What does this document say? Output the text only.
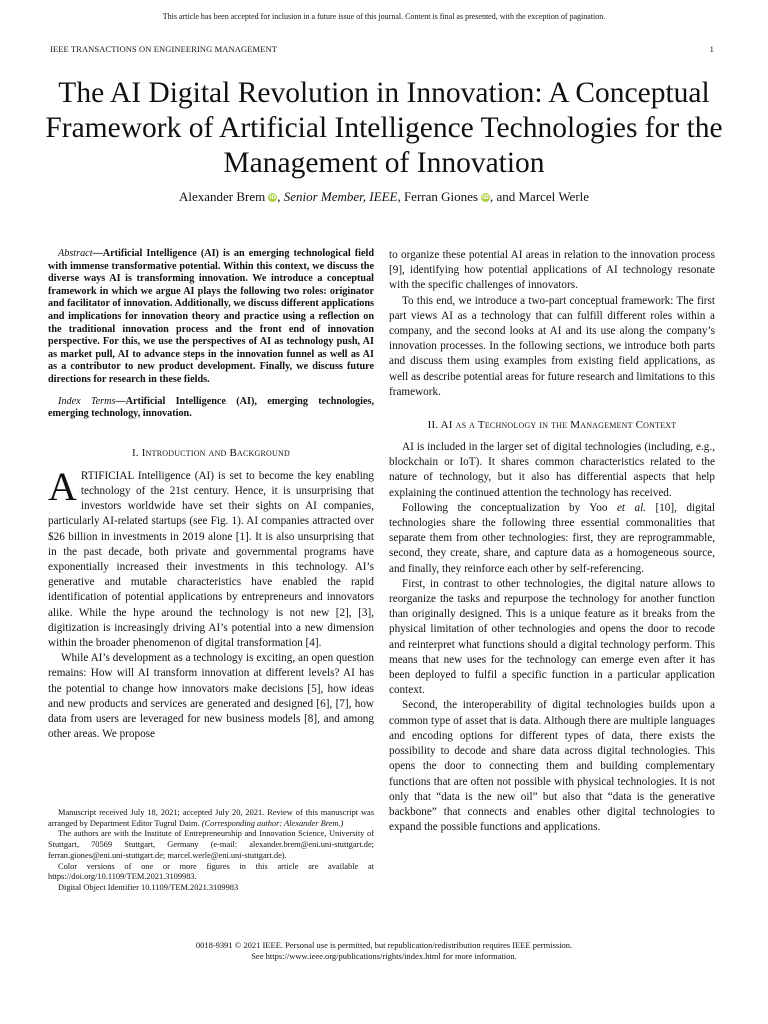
This article has been accepted for inclusion in a future issue of this journal. Content is final as presented, with the exception of pagination.
IEEE TRANSACTIONS ON ENGINEERING MANAGEMENT	1
The AI Digital Revolution in Innovation: A Conceptual Framework of Artificial Intelligence Technologies for the Management of Innovation
Alexander Brem iD, Senior Member, IEEE, Ferran Giones iD, and Marcel Werle

Abstract—Artificial Intelligence (AI) is an emerging technological field with immense transformative potential. Within this context, we discuss the diverse ways AI is transforming innovation. We introduce a conceptual framework in which we argue AI plays the following two roles: originator and facilitator of innovation. Additionally, we discuss different applications and implications for innovation theory and practice using a reflection on the traditional innovation process and the front end of innovation perspective. For this, we use the perspectives of AI as technology push, AI as market pull, AI to advance steps in the innovation funnel as well as AI as a contributor to new product development. Finally, we discuss future directions for research in these fields.

Index Terms—Artificial Intelligence (AI), emerging technologies, emerging technology, innovation.

I. Introduction and Background

ARTIFICIAL Intelligence (AI) is set to become the key enabling technology of the 21st century. Hence, it is unsurprising that investors worldwide have set their sights on AI companies, particularly AI-related startups (see Fig. 1). AI companies attracted over $26 billion in investments in 2019 alone [1]. It is also unsurprising that in the past decade, both private and governmental programs have exponentially increased their investments in this technology. AI’s generative and mutable characteristics have enabled the rapid identification of potential applications by entrepreneurs and innovators alike. While the hype around the technology is not new [2], [3], digitization is increasingly driving AI’s potential into a new dimension within the broader phenomenon of digital transformation [4].

While AI’s development as a technology is exciting, an open question remains: How will AI transform innovation at different levels? AI has the potential to change how innovators make decisions [5], how ideas and new products and services are generated and designed [6], [7], how data from users are leveraged for new business models [8], and among other areas. We propose

Manuscript received July 18, 2021; accepted July 20, 2021. Review of this manuscript was arranged by Department Editor Tugrul Daim. (Corresponding author: Alexander Brem.)

The authors are with the Institute of Entrepreneurship and Innovation Science, University of Stuttgart, 70569 Stuttgart, Germany (e-mail: alexander.brem@eni.uni-stuttgart.de; ferran.giones@eni.uni-stuttgart.de; marcel.werle@eni.uni-stuttgart.de).

Color versions of one or more figures in this article are available at https://doi.org/10.1109/TEM.2021.3109983.

Digital Object Identifier 10.1109/TEM.2021.3109983

to organize these potential AI areas in relation to the innovation process [9], identifying how potential applications of AI technology resonate with the specific challenges of innovators.

To this end, we introduce a two-part conceptual framework: The first part views AI as a technology that can fulfill different roles within a company, and the second looks at AI and its use along the company’s innovation processes. In the following sections, we introduce both parts and discuss them using examples from existing field applications, as well as describe potential areas for future research and limitations to this framework.

II. AI as a Technology in the Management Context

AI is included in the larger set of digital technologies (including, e.g., blockchain or IoT). It shares common characteristics related to the nature of technology, but it also has differential aspects that help explaining the continued attention the technology has received.

Following the conceptualization by Yoo et al. [10], digital technologies share the following three essential commonalities that separate them from other technologies: first, they are reprogrammable, second, they create, share, and capture data as a homogeneous source, and finally, they reinforce each other by self-referencing.

First, in contrast to other technologies, the digital nature allows to reorganize the tasks and repurpose the technology for another function than originally designed. This is a unique feature as it breaks from the physical limitation of other technologies and opens the door to recode and reinterpret what functions should a digital technology perform. This means that new uses for the technology can emerge even after it has been deployed to fulfil a specific function in a particular application context.

Second, the interoperability of digital technologies builds upon a common type of asset that is data. Although there are multiple languages and encoding options for different types of data, there exists the possibility to decode and share data across digital technologies. This opens the door to connecting them and building complementary functions that are often not possible with physical technologies. It is not only that “data is the new oil” but also that “data is the generative backbone” that connects and enables other digital technologies to expand the possible functions and applications.

0018-9391 © 2021 IEEE. Personal use is permitted, but republication/redistribution requires IEEE permission.
See https://www.ieee.org/publications/rights/index.html for more information.
